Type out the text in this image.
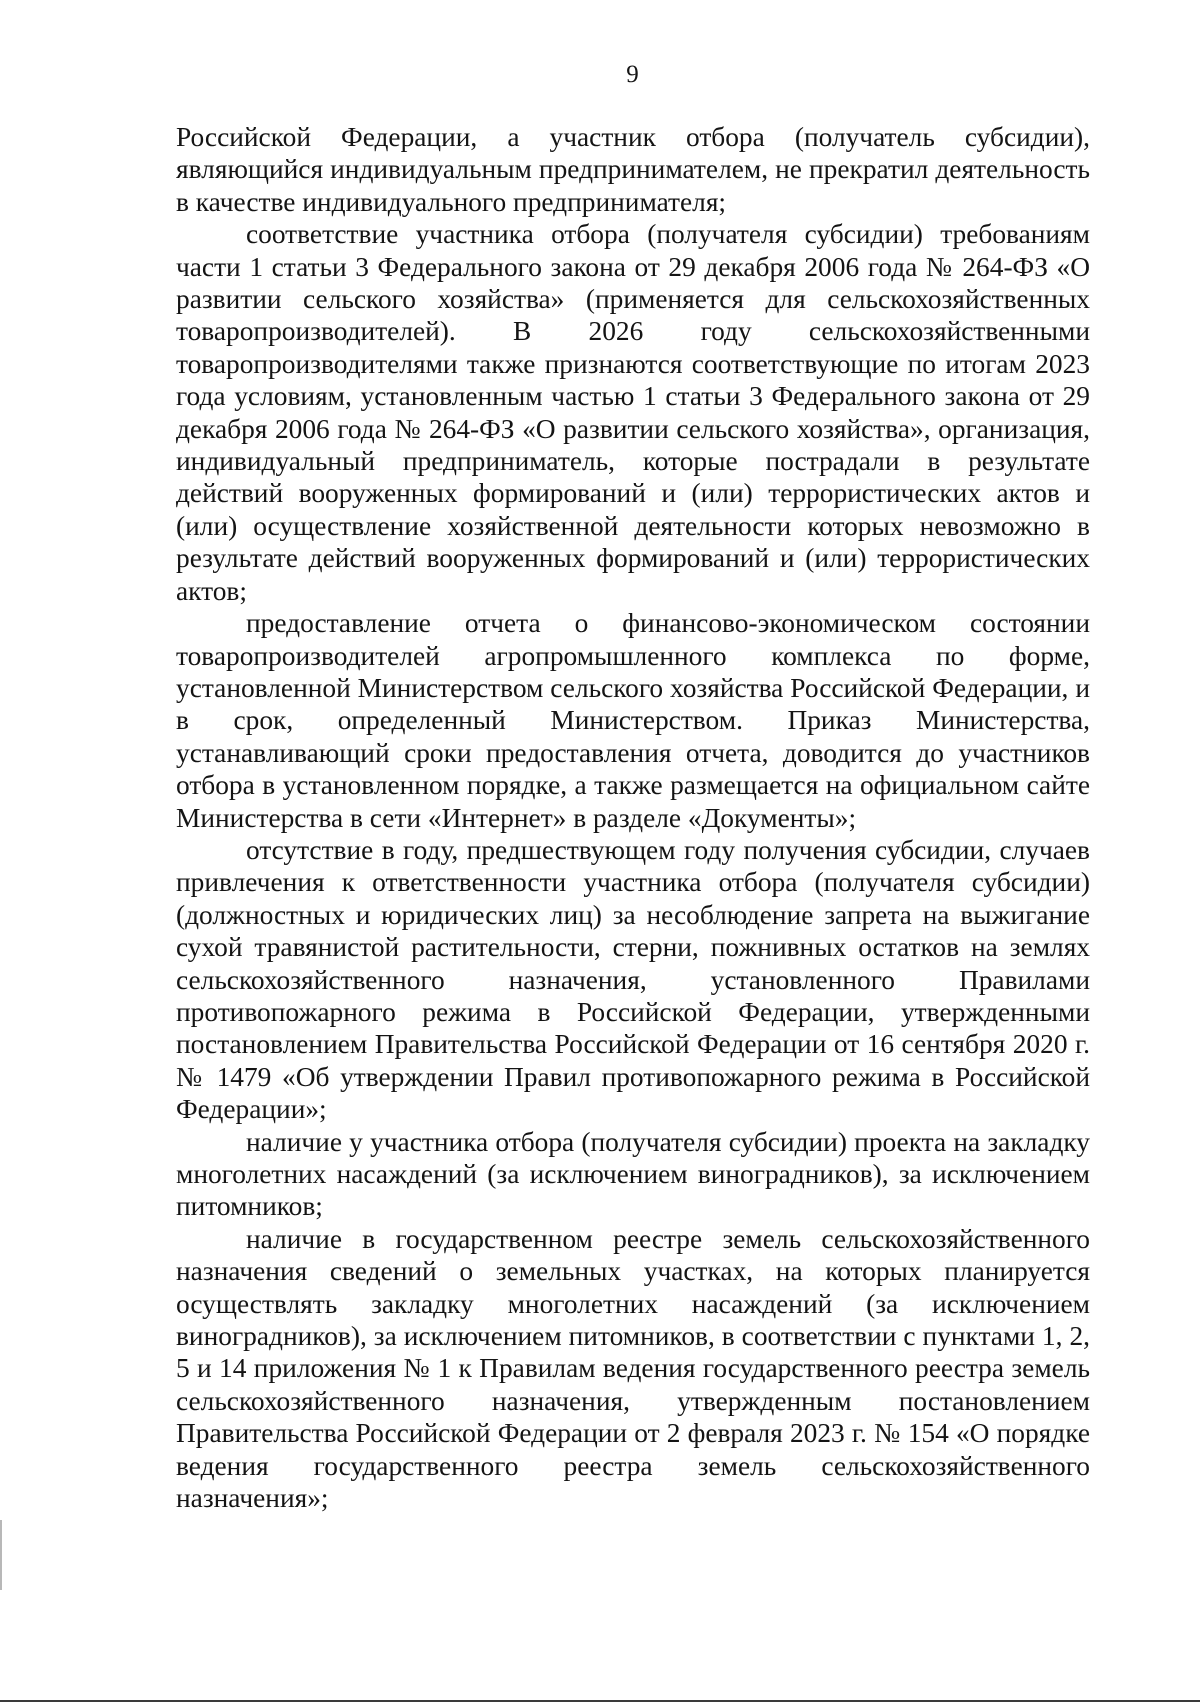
9

Российской Федерации, а участник отбора (получатель субсидии), являющийся индивидуальным предпринимателем, не прекратил деятельность в качестве индивидуального предпринимателя;

соответствие участника отбора (получателя субсидии) требованиям части 1 статьи 3 Федерального закона от 29 декабря 2006 года № 264-ФЗ «О развитии сельского хозяйства» (применяется для сельскохозяйственных товаропроизводителей). В 2026 году сельскохозяйственными товаропроизводителями также признаются соответствующие по итогам 2023 года условиям, установленным частью 1 статьи 3 Федерального закона от 29 декабря 2006 года № 264-ФЗ «О развитии сельского хозяйства», организация, индивидуальный предприниматель, которые пострадали в результате действий вооруженных формирований и (или) террористических актов и (или) осуществление хозяйственной деятельности которых невозможно в результате действий вооруженных формирований и (или) террористических актов;

предоставление отчета о финансово-экономическом состоянии товаропроизводителей агропромышленного комплекса по форме, установленной Министерством сельского хозяйства Российской Федерации, и в срок, определенный Министерством. Приказ Министерства, устанавливающий сроки предоставления отчета, доводится до участников отбора в установленном порядке, а также размещается на официальном сайте Министерства в сети «Интернет» в разделе «Документы»;

отсутствие в году, предшествующем году получения субсидии, случаев привлечения к ответственности участника отбора (получателя субсидии) (должностных и юридических лиц) за несоблюдение запрета на выжигание сухой травянистой растительности, стерни, пожнивных остатков на землях сельскохозяйственного назначения, установленного Правилами противопожарного режима в Российской Федерации, утвержденными постановлением Правительства Российской Федерации от 16 сентября 2020 г. № 1479 «Об утверждении Правил противопожарного режима в Российской Федерации»;

наличие у участника отбора (получателя субсидии) проекта на закладку многолетних насаждений (за исключением виноградников), за исключением питомников;

наличие в государственном реестре земель сельскохозяйственного назначения сведений о земельных участках, на которых планируется осуществлять закладку многолетних насаждений (за исключением виноградников), за исключением питомников, в соответствии с пунктами 1, 2, 5 и 14 приложения № 1 к Правилам ведения государственного реестра земель сельскохозяйственного назначения, утвержденным постановлением Правительства Российской Федерации от 2 февраля 2023 г. № 154 «О порядке ведения государственного реестра земель сельскохозяйственного назначения»;
